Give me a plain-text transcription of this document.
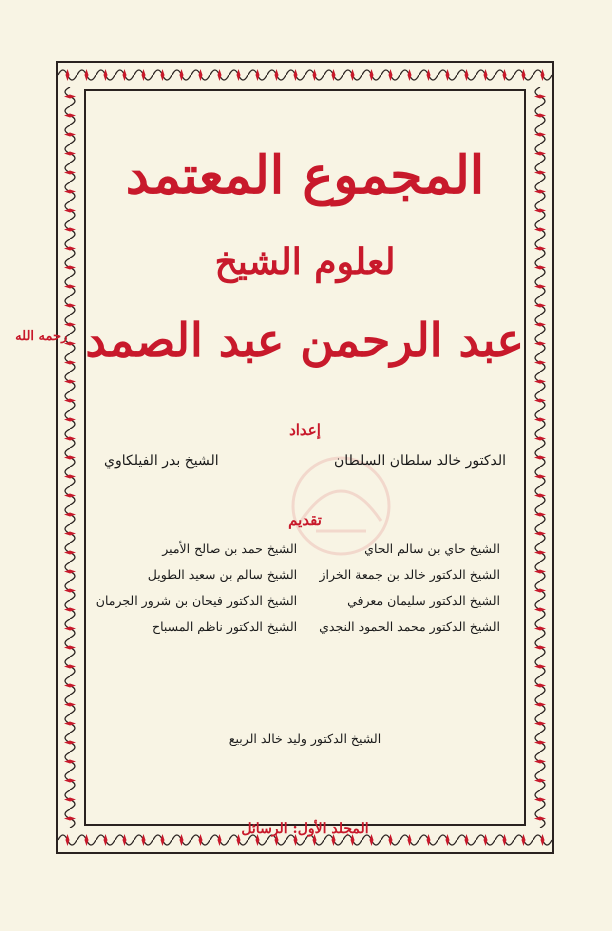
المجموع المعتمد
لعلوم الشيخ
عبد الرحمن عبد الصمد $^{رحمه الله}$
إعداد
الدكتور خالد سلطان السلطان
الشيخ بدر الفيلكاوي
تقديم
الشيخ حاي بن سالم الحاي
الشيخ حمد بن صالح الأمير
الشيخ الدكتور خالد بن جمعة الخراز
الشيخ سالم بن سعيد الطويل
الشيخ الدكتور سليمان معرفي
الشيخ الدكتور فيحان بن شرور الجرمان
الشيخ الدكتور محمد الحمود النجدي
الشيخ الدكتور ناظم المسباح
الشيخ الدكتور وليد خالد الربيع
المجلد الأول: الرسائل
